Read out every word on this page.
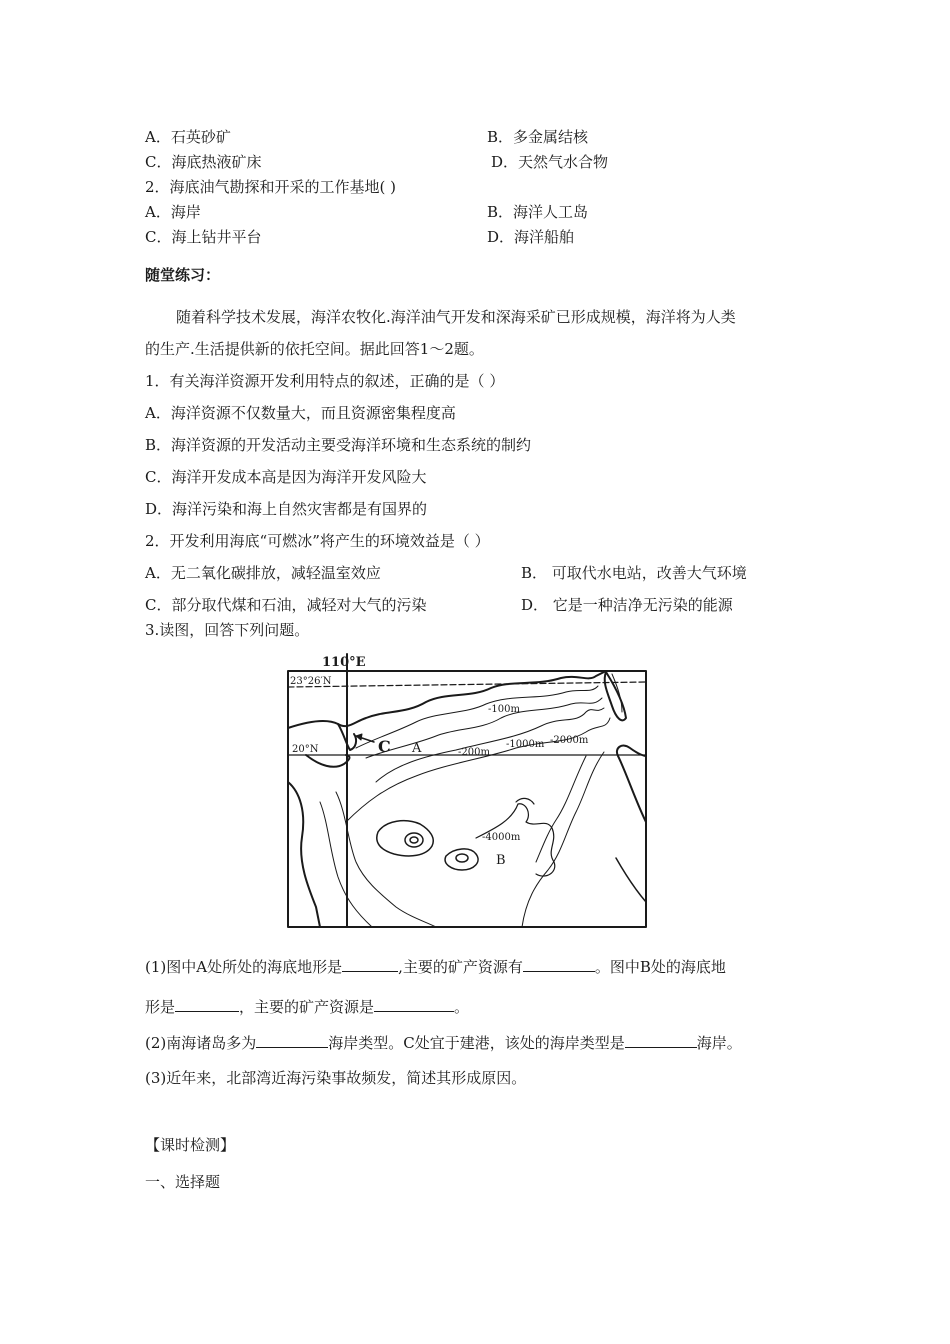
A．石英砂矿	B．多金属结核
C．海底热液矿床	D．天然气水合物
2．海底油气勘探和开采的工作基地( )
A．海岸	B．海洋人工岛
C．海上钻井平台	D．海洋船舶
随堂练习：
随着科学技术发展，海洋农牧化.海洋油气开发和深海采矿已形成规模，海洋将为人类
的生产.生活提供新的依托空间。据此回答1～2题。
1．有关海洋资源开发利用特点的叙述，正确的是（ ）
A．海洋资源不仅数量大，而且资源密集程度高
B．海洋资源的开发活动主要受海洋环境和生态系统的制约
C．海洋开发成本高是因为海洋开发风险大
D．海洋污染和海上自然灾害都是有国界的
2．开发利用海底“可燃冰”将产生的环境效益是（ ）
A．无二氧化碳排放，减轻温室效应	B． 可取代水电站，改善大气环境
C．部分取代煤和石油，减轻对大气的污染	D． 它是一种洁净无污染的能源
3.读图，回答下列问题。
110°E
23°26′N
20°N
-100m
-200m
-1000m -2000m
-4000m
A
B
C
(1)图中A处所处的海底地形是	,主要的矿产资源有	。图中B处的海底地
形是	，主要的矿产资源是	。
(2)南海诸岛多为	海岸类型。C处宜于建港，该处的海岸类型是	海岸。
(3)近年来，北部湾近海污染事故频发，简述其形成原因。
【课时检测】
一、选择题
